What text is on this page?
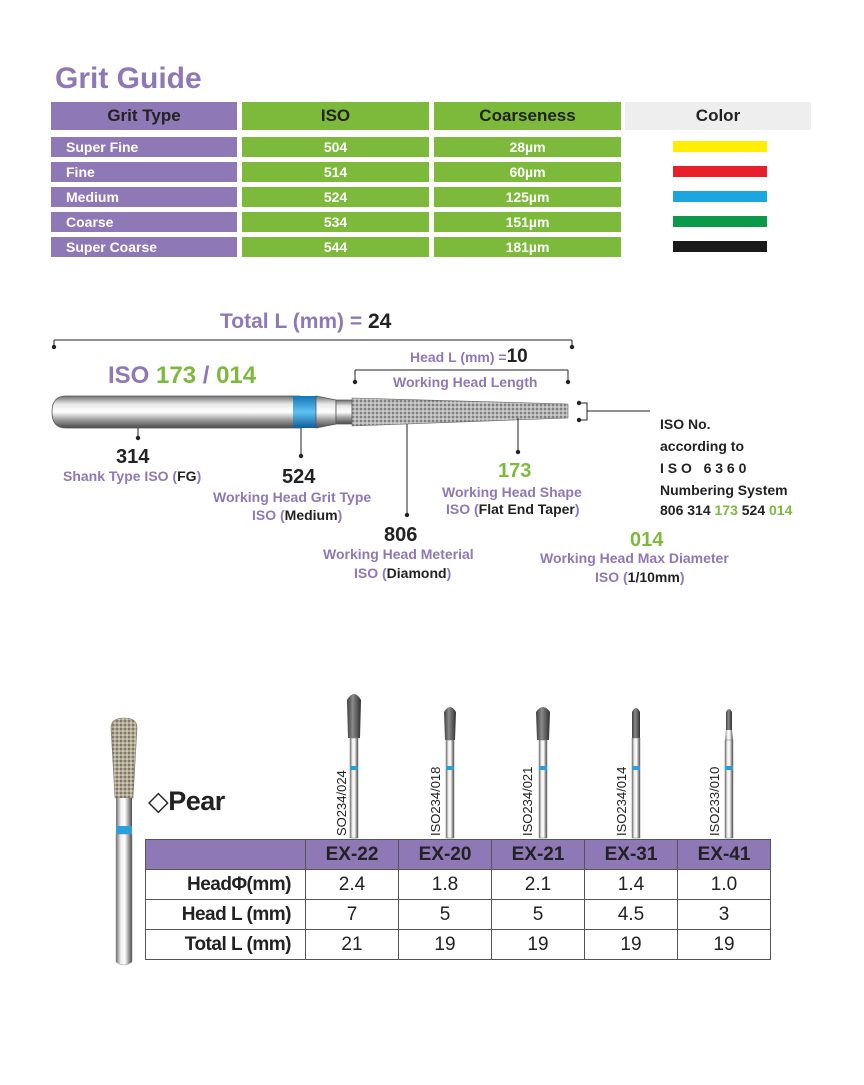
Grit Guide
Grit Type	ISO	Coarseness	Color
Super Fine	504	28µm
Fine	514	60µm
Medium	524	125µm
Coarse	534	151µm
Super Coarse	544	181µm
Total L (mm) = 24
Head L (mm) =10
Working Head Length
ISO 173 / 014
314
Shank Type ISO (FG)	524
Working Head Grit Type
ISO (Medium)
806
Working Head Meterial
ISO (Diamond)
173
Working Head Shape
ISO (Flat End Taper)
014
Working Head Max Diameter
ISO (1/10mm)
ISO No.
according to
I S O   6 3 6 0
Numbering System
806 314 173 524 014
SO234/024	ISO234/018	ISO234/021	ISO234/014	ISO233/010
◇Pear
	EX-22	EX-20	EX-21	EX-31	EX-41
HeadΦ(mm)	2.4	1.8	2.1	1.4	1.0
Head L (mm)	7	5	5	4.5	3
Total L (mm)	21	19	19	19	19
